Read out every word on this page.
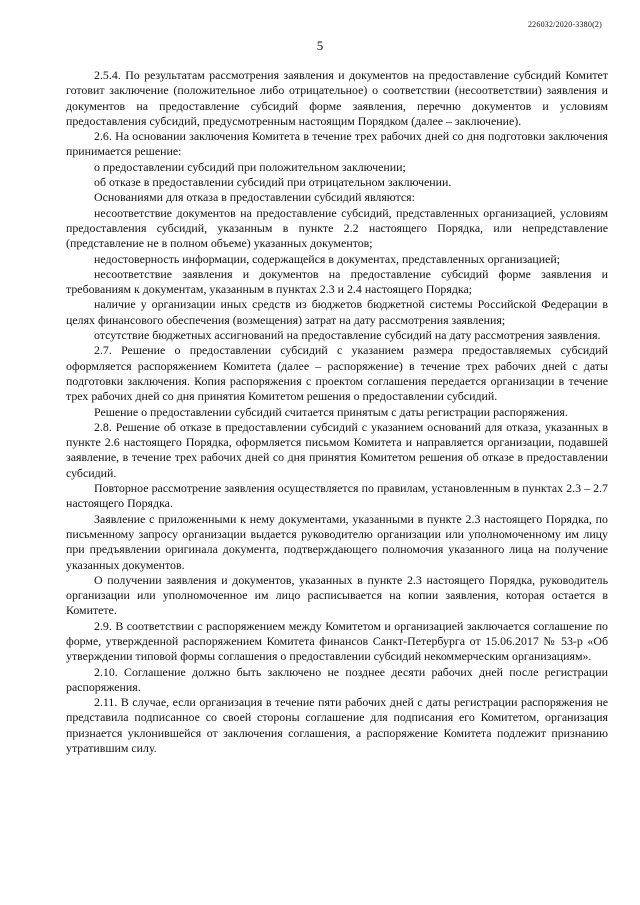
226032/2020-3380(2)
5

2.5.4. По результатам рассмотрения заявления и документов на предоставление субсидий Комитет готовит заключение (положительное либо отрицательное) о соответствии (несоответствии) заявления и документов на предоставление субсидий форме заявления, перечню документов и условиям предоставления субсидий, предусмотренным настоящим Порядком (далее – заключение).

2.6. На основании заключения Комитета в течение трех рабочих дней со дня подготовки заключения принимается решение:

о предоставлении субсидий при положительном заключении;

об отказе в предоставлении субсидий при отрицательном заключении.

Основаниями для отказа в предоставлении субсидий являются:

несоответствие документов на предоставление субсидий, представленных организацией, условиям предоставления субсидий, указанным в пункте 2.2 настоящего Порядка, или непредставление (представление не в полном объеме) указанных документов;

недостоверность информации, содержащейся в документах, представленных организацией;

несоответствие заявления и документов на предоставление субсидий форме заявления и требованиям к документам, указанным в пунктах 2.3 и 2.4 настоящего Порядка;

наличие у организации иных средств из бюджетов бюджетной системы Российской Федерации в целях финансового обеспечения (возмещения) затрат на дату рассмотрения заявления;

отсутствие бюджетных ассигнований на предоставление субсидий на дату рассмотрения заявления.

2.7. Решение о предоставлении субсидий с указанием размера предоставляемых субсидий оформляется распоряжением Комитета (далее – распоряжение) в течение трех рабочих дней с даты подготовки заключения. Копия распоряжения с проектом соглашения передается организации в течение трех рабочих дней со дня принятия Комитетом решения о предоставлении субсидий.

Решение о предоставлении субсидий считается принятым с даты регистрации распоряжения.

2.8. Решение об отказе в предоставлении субсидий с указанием оснований для отказа, указанных в пункте 2.6 настоящего Порядка, оформляется письмом Комитета и направляется организации, подавшей заявление, в течение трех рабочих дней со дня принятия Комитетом решения об отказе в предоставлении субсидий.

Повторное рассмотрение заявления осуществляется по правилам, установленным в пунктах 2.3 – 2.7 настоящего Порядка.

Заявление с приложенными к нему документами, указанными в пункте 2.3 настоящего Порядка, по письменному запросу организации выдается руководителю организации или уполномоченному им лицу при предъявлении оригинала документа, подтверждающего полномочия указанного лица на получение указанных документов.

О получении заявления и документов, указанных в пункте 2.3 настоящего Порядка, руководитель организации или уполномоченное им лицо расписывается на копии заявления, которая остается в Комитете.

2.9. В соответствии с распоряжением между Комитетом и организацией заключается соглашение по форме, утвержденной распоряжением Комитета финансов Санкт-Петербурга от 15.06.2017 № 53-р «Об утверждении типовой формы соглашения о предоставлении субсидий некоммерческим организациям».

2.10. Соглашение должно быть заключено не позднее десяти рабочих дней после регистрации распоряжения.

2.11. В случае, если организация в течение пяти рабочих дней с даты регистрации распоряжения не представила подписанное со своей стороны соглашение для подписания его Комитетом, организация признается уклонившейся от заключения соглашения, а распоряжение Комитета подлежит признанию утратившим силу.
